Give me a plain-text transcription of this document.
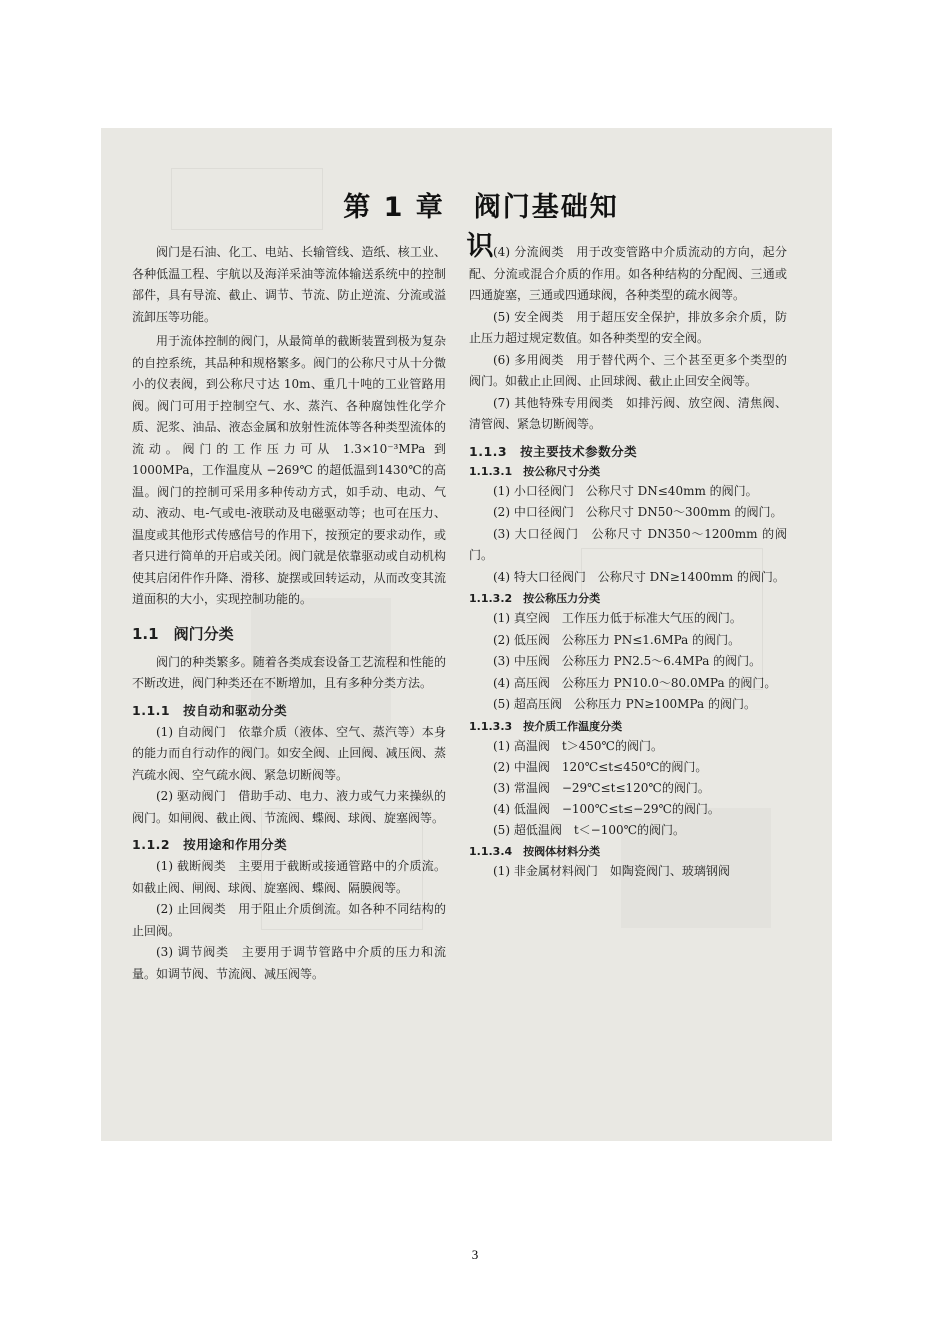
第 1 章　阀门基础知识

阀门是石油、化工、电站、长输管线、造纸、核工业、各种低温工程、宇航以及海洋采油等流体输送系统中的控制部件，具有导流、截止、调节、节流、防止逆流、分流或溢流卸压等功能。

用于流体控制的阀门，从最简单的截断装置到极为复杂的自控系统，其品种和规格繁多。阀门的公称尺寸从十分微小的仪表阀，到公称尺寸达 10m、重几十吨的工业管路用阀。阀门可用于控制空气、水、蒸汽、各种腐蚀性化学介质、泥浆、油品、液态金属和放射性流体等各种类型流体的流动。阀门的工作压力可从 1.3×10⁻³MPa 到 1000MPa，工作温度从 −269℃ 的超低温到1430℃的高温。阀门的控制可采用多种传动方式，如手动、电动、气动、液动、电-气或电-液联动及电磁驱动等；也可在压力、温度或其他形式传感信号的作用下，按预定的要求动作，或者只进行简单的开启或关闭。阀门就是依靠驱动或自动机构使其启闭件作升降、滑移、旋摆或回转运动，从而改变其流道面积的大小，实现控制功能的。

1.1　阀门分类

阀门的种类繁多。随着各类成套设备工艺流程和性能的不断改进，阀门种类还在不断增加，且有多种分类方法。

1.1.1　按自动和驱动分类

(1) 自动阀门　依靠介质（液体、空气、蒸汽等）本身的能力而自行动作的阀门。如安全阀、止回阀、减压阀、蒸汽疏水阀、空气疏水阀、紧急切断阀等。

(2) 驱动阀门　借助手动、电力、液力或气力来操纵的阀门。如闸阀、截止阀、节流阀、蝶阀、球阀、旋塞阀等。

1.1.2　按用途和作用分类

(1) 截断阀类　主要用于截断或接通管路中的介质流。如截止阀、闸阀、球阀、旋塞阀、蝶阀、隔膜阀等。

(2) 止回阀类　用于阻止介质倒流。如各种不同结构的止回阀。

(3) 调节阀类　主要用于调节管路中介质的压力和流量。如调节阀、节流阀、减压阀等。

(4) 分流阀类　用于改变管路中介质流动的方向，起分配、分流或混合介质的作用。如各种结构的分配阀、三通或四通旋塞，三通或四通球阀，各种类型的疏水阀等。

(5) 安全阀类　用于超压安全保护，排放多余介质，防止压力超过规定数值。如各种类型的安全阀。

(6) 多用阀类　用于替代两个、三个甚至更多个类型的阀门。如截止止回阀、止回球阀、截止止回安全阀等。

(7) 其他特殊专用阀类　如排污阀、放空阀、清焦阀、清管阀、紧急切断阀等。

1.1.3　按主要技术参数分类
1.1.3.1　按公称尺寸分类

(1) 小口径阀门　公称尺寸 DN≤40mm 的阀门。

(2) 中口径阀门　公称尺寸 DN50～300mm 的阀门。

(3) 大口径阀门　公称尺寸 DN350～1200mm 的阀门。

(4) 特大口径阀门　公称尺寸 DN≥1400mm 的阀门。

1.1.3.2　按公称压力分类

(1) 真空阀　工作压力低于标准大气压的阀门。

(2) 低压阀　公称压力 PN≤1.6MPa 的阀门。

(3) 中压阀　公称压力 PN2.5～6.4MPa 的阀门。

(4) 高压阀　公称压力 PN10.0～80.0MPa 的阀门。

(5) 超高压阀　公称压力 PN≥100MPa 的阀门。

1.1.3.3　按介质工作温度分类

(1) 高温阀　t＞450℃的阀门。

(2) 中温阀　120℃≤t≤450℃的阀门。

(3) 常温阀　−29℃≤t≤120℃的阀门。

(4) 低温阀　−100℃≤t≤−29℃的阀门。

(5) 超低温阀　t＜−100℃的阀门。

1.1.3.4　按阀体材料分类

(1) 非金属材料阀门　如陶瓷阀门、玻璃钢阀

3
